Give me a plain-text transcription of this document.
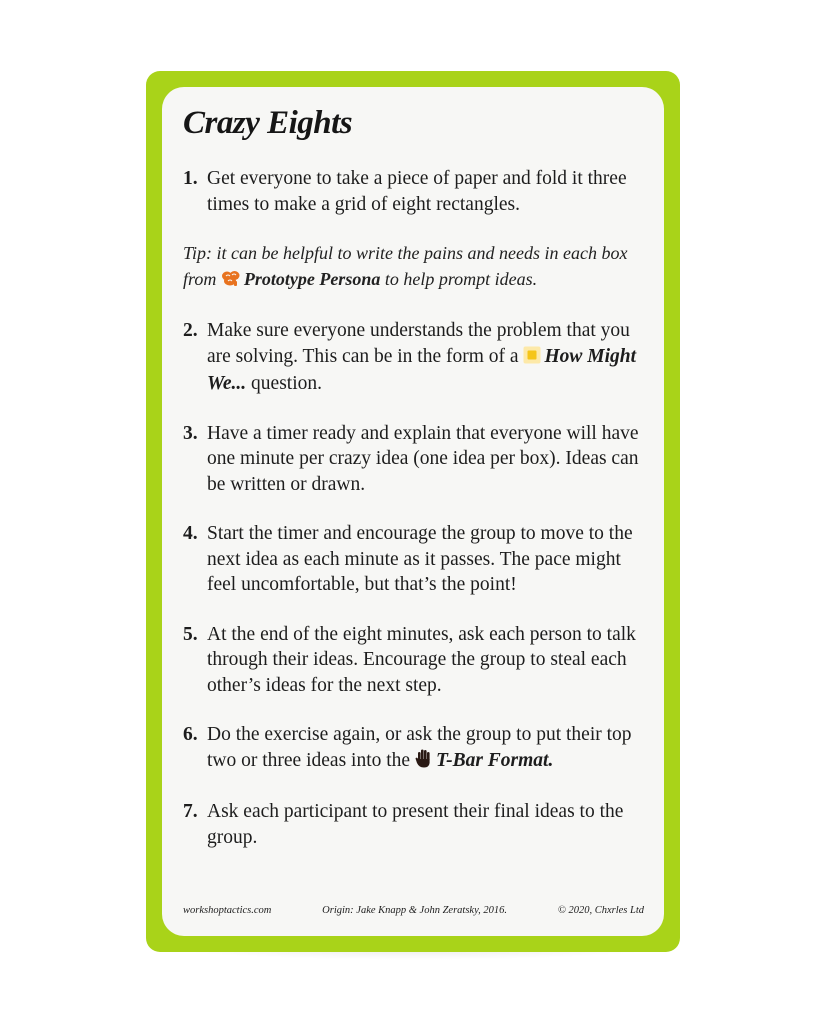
Crazy Eights
1. Get everyone to take a piece of paper and fold it three times to make a grid of eight rectangles.
Tip: it can be helpful to write the pains and needs in each box from Prototype Persona to help prompt ideas.
2. Make sure everyone understands the problem that you are solving. This can be in the form of a How Might We... question.
3. Have a timer ready and explain that everyone will have one minute per crazy idea (one idea per box). Ideas can be written or drawn.
4. Start the timer and encourage the group to move to the next idea as each minute as it passes. The pace might feel uncomfortable, but that’s the point!
5. At the end of the eight minutes, ask each person to talk through their ideas. Encourage the group to steal each other’s ideas for the next step.
6. Do the exercise again, or ask the group to put their top two or three ideas into the T-Bar Format.
7. Ask each participant to present their final ideas to the group.
workshoptactics.com	Origin: Jake Knapp & John Zeratsky, 2016.	© 2020, Chxrles Ltd
